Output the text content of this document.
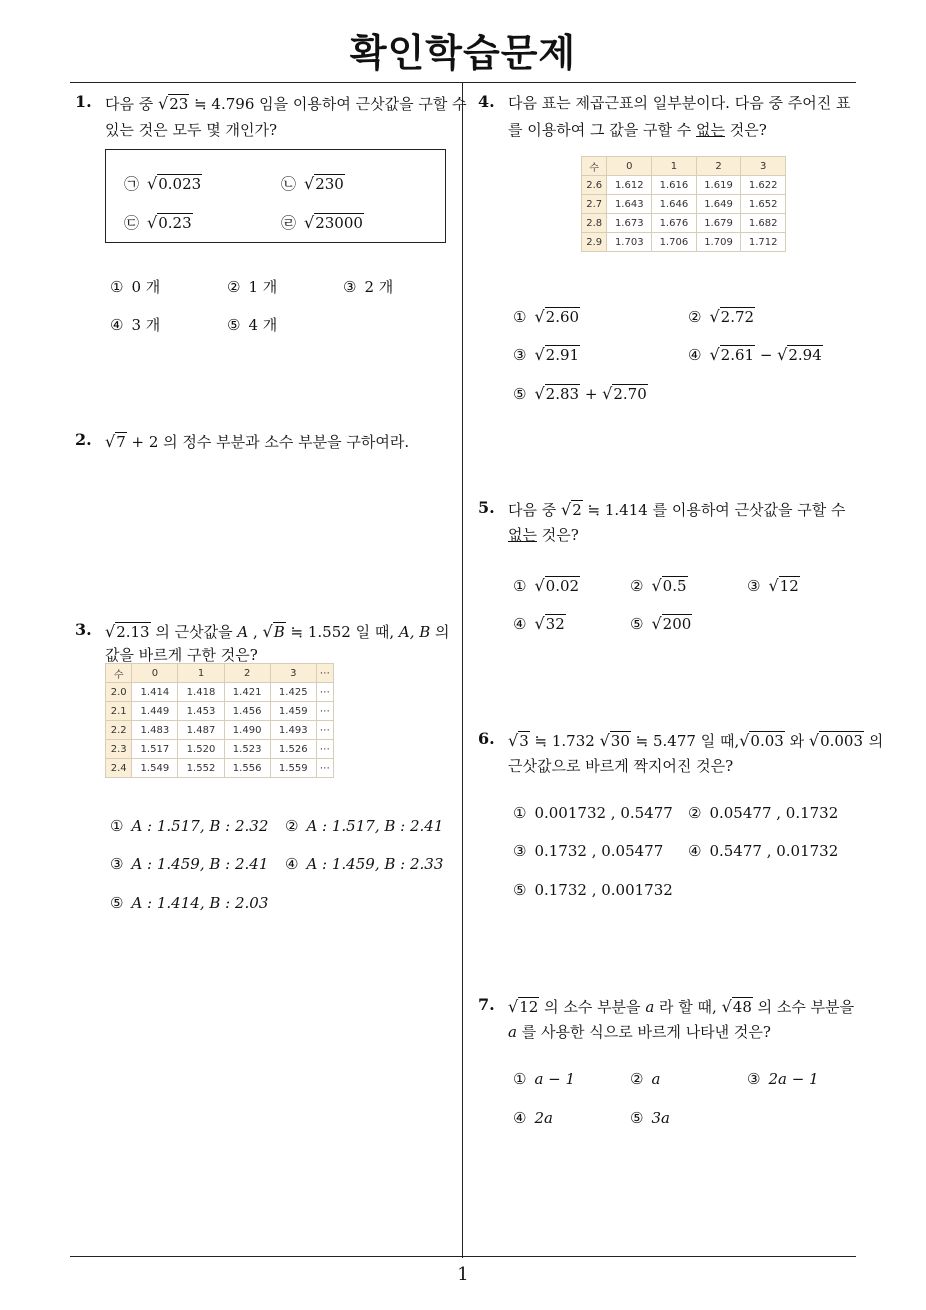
확인학습문제
1
1. 다음 중 √23 ≒ 4.796 임을 이용하여 근삿값을 구할 수
있는 것은 모두 몇 개인가?
㉠ √0.023	㉡ √230
㉢ √0.23	㉣ √23000
① 0 개	② 1 개	③ 2 개
④ 3 개	⑤ 4 개
2. √7 + 2 의 정수 부분과 소수 부분을 구하여라.
3. √2.13 의 근삿값을 A , √B ≒ 1.552 일 때, A, B 의
값을 바르게 구한 것은?
수	0	1	2	3	⋯
2.0	1.414	1.418	1.421	1.425	⋯
2.1	1.449	1.453	1.456	1.459	⋯
2.2	1.483	1.487	1.490	1.493	⋯
2.3	1.517	1.520	1.523	1.526	⋯
2.4	1.549	1.552	1.556	1.559	⋯
① A : 1.517, B : 2.32 ② A : 1.517, B : 2.41
③ A : 1.459, B : 2.41 ④ A : 1.459, B : 2.33
⑤ A : 1.414, B : 2.03
4. 다음 표는 제곱근표의 일부분이다. 다음 중 주어진 표
를 이용하여 그 값을 구할 수 없는 것은?
수	0	1	2	3
2.6	1.612	1.616	1.619	1.622
2.7	1.643	1.646	1.649	1.652
2.8	1.673	1.676	1.679	1.682
2.9	1.703	1.706	1.709	1.712
① √2.60	② √2.72
③ √2.91	④ √2.61 − √2.94
⑤ √2.83 + √2.70
5. 다음 중 √2 ≒ 1.414 를 이용하여 근삿값을 구할 수
없는 것은?
① √0.02	② √0.5	③ √12
④ √32	⑤ √200
6. √3 ≒ 1.732 √30 ≒ 5.477 일 때,√0.03 와 √0.003 의
근삿값으로 바르게 짝지어진 것은?
① 0.001732 , 0.5477 ② 0.05477 , 0.1732
③ 0.1732 , 0.05477 ④ 0.5477 , 0.01732
⑤ 0.1732 , 0.001732
7. √12 의 소수 부분을 a 라 할 때, √48 의 소수 부분을
a 를 사용한 식으로 바르게 나타낸 것은?
① a − 1	② a	③ 2a − 1
④ 2a	⑤ 3a
